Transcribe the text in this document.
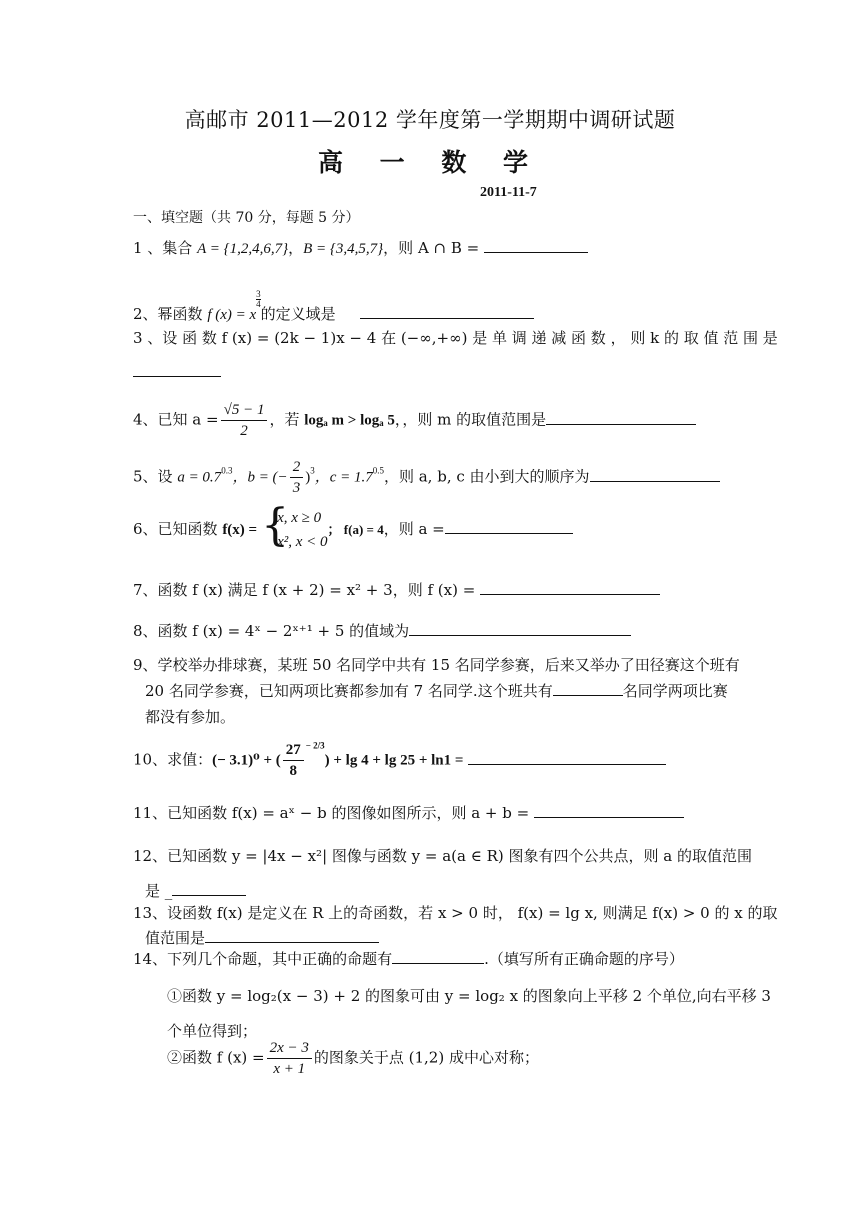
高邮市 2011—2012 学年度第一学期期中调研试题
高 一 数 学
2011-11-7
一、填空题（共 70 分，每题 5 分）
1 、集合 A = {1,2,4,6,7}，B = {3,4,5,7}，则 A ∩ B =
2、幂函数 f (x) = x
$\frac{3}{4}$
的定义域是
3 、设 函 数 f (x) = (2k − 1)x − 4 在 (−∞,+∞) 是 单 调 递 减 函 数 ， 则 k 的 取 值 范 围 是
4、已知 $a = \frac{√5 - 1}{2}$ ，若 logₐ m > logₐ 5，，则 m 的取值范围是
5、设 $a = 0.7^{0.3}$，b = (− $\frac{2}{3} )^3$，$c = 1.7^{0.5}$，则 a, b, c 由小到大的顺序为
6、已知函数 f(x) = {
x, x ≥ 0
x², x < 0
； f(a) = 4，则 a =
7、函数 f (x) 满足 f (x + 2) = x² + 3，则 f (x) =
8、函数 f (x) = 4ˣ − 2ˣ⁺¹ + 5 的值域为
9、学校举办排球赛，某班 50 名同学中共有 15 名同学参赛，后来又举办了田径赛这个班有
20 名同学参赛，已知两项比赛都参加有 7 名同学.这个班共有	名同学两项比赛
都没有参加。
10、求值：(− 3.1)⁰ + ( $\frac{27}{8} ^{- 2/3}) + \lg 4 + \lg 25 + \ln 1$ =
11、已知函数 f(x) = aˣ − b 的图像如图所示，则 a + b =
12、已知函数 y = |4x − x²| 图像与函数 y = a(a ∈ R) 图象有四个公共点，则 a 的取值范围
是 _
13、设函数 f(x) 是定义在 R 上的奇函数，若 x > 0 时， f(x) = lg x, 则满足 f(x) > 0 的 x 的取
值范围是
14、下列几个命题，其中正确的命题有	.（填写所有正确命题的序号）
①函数 y = log₂(x − 3) + 2 的图象可由 y = log₂ x 的图象向上平移 2 个单位,向右平移 3
个单位得到；
②函数 f $(x) = \frac{2x - 3}{x + 1}$ 的图象关于点 (1,2) 成中心对称；
